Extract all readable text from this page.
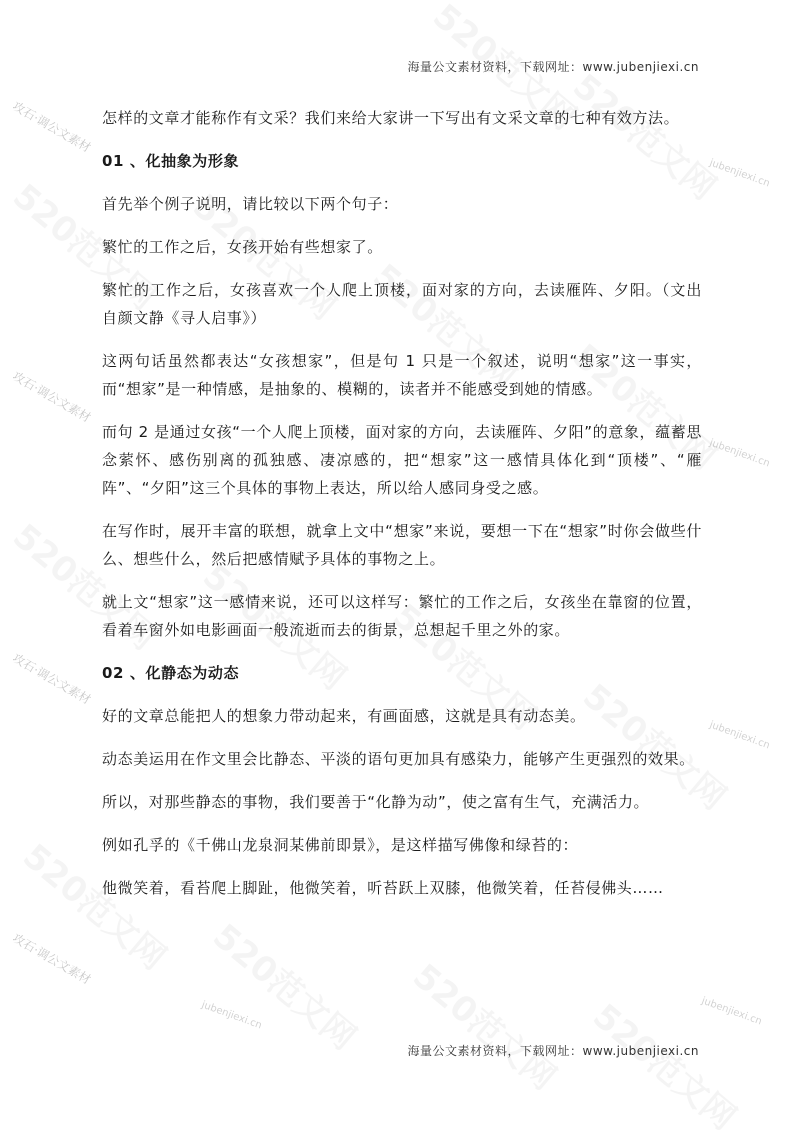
攻石·调公文素材
攻石·调公文素材
攻石·调公文素材
攻石·调公文素材
jubenjiexi.cn
jubenjiexi.cn
jubenjiexi.cn
jubenjiexi.cn	jubenjiexi.cn
海量公文素材资料，下载网址：www.jubenjiexi.cn

怎样的文章才能称作有文采？我们来给大家讲一下写出有文采文章的七种有效方法。

01 、化抽象为形象

首先举个例子说明，请比较以下两个句子：

繁忙的工作之后，女孩开始有些想家了。

繁忙的工作之后，女孩喜欢一个人爬上顶楼，面对家的方向，去读雁阵、夕阳。（文出自颜文静《寻人启事》）

这两句话虽然都表达“女孩想家”，但是句 1 只是一个叙述，说明“想家”这一事实，而“想家”是一种情感，是抽象的、模糊的，读者并不能感受到她的情感。

而句 2 是通过女孩“一个人爬上顶楼，面对家的方向，去读雁阵、夕阳”的意象，蕴蓄思念萦怀、感伤别离的孤独感、凄凉感的，把“想家”这一感情具体化到“顶楼”、“雁阵”、“夕阳”这三个具体的事物上表达，所以给人感同身受之感。

在写作时，展开丰富的联想，就拿上文中“想家”来说，要想一下在“想家”时你会做些什么、想些什么，然后把感情赋予具体的事物之上。

就上文“想家”这一感情来说，还可以这样写：繁忙的工作之后，女孩坐在靠窗的位置，看着车窗外如电影画面一般流逝而去的街景，总想起千里之外的家。

02 、化静态为动态

好的文章总能把人的想象力带动起来，有画面感，这就是具有动态美。

动态美运用在作文里会比静态、平淡的语句更加具有感染力，能够产生更强烈的效果。

所以，对那些静态的事物，我们要善于“化静为动”，使之富有生气，充满活力。

例如孔孚的《千佛山龙泉洞某佛前即景》，是这样描写佛像和绿苔的：

他微笑着，看苔爬上脚趾，他微笑着，听苔跃上双膝，他微笑着，任苔侵佛头……

海量公文素材资料，下载网址：www.jubenjiexi.cn
